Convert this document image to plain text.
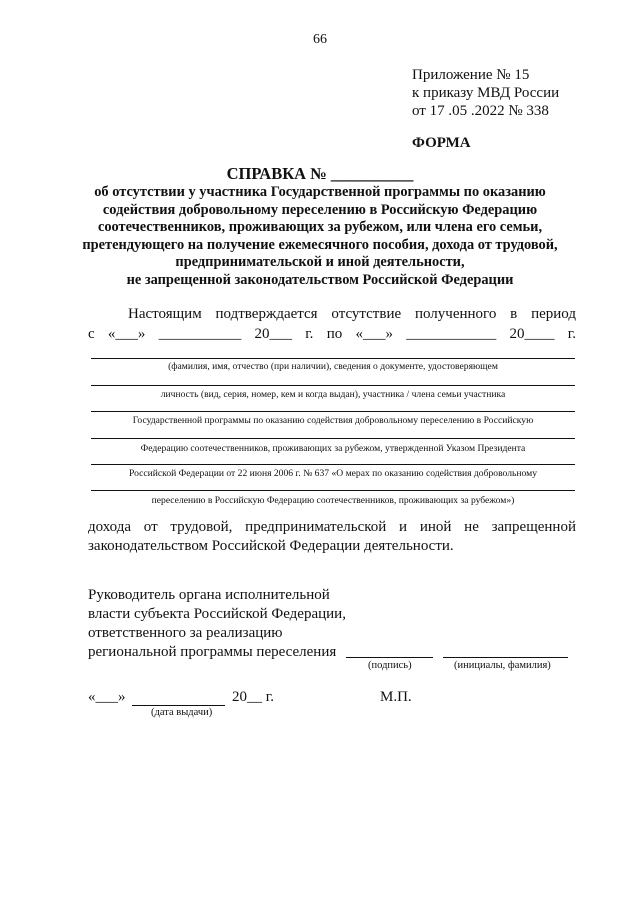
66
Приложение № 15
к приказу МВД России
от 17 .05 .2022 № 338
ФОРМА
СПРАВКА № __________
об отсутствии у участника Государственной программы по оказанию
содействия добровольному переселению в Российскую Федерацию
соотечественников, проживающих за рубежом, или члена его семьи,
претендующего на получение ежемесячного пособия, дохода от трудовой,
предпринимательской и иной деятельности,
не запрещенной законодательством Российской Федерации
Настоящим подтверждается отсутствие полученного в период
с «___» ___________ 20___ г. по «___» ____________ 20____ г.
(фамилия, имя, отчество (при наличии), сведения о документе, удостоверяющем
личность (вид, серия, номер, кем и когда выдан), участника / члена семьи участника
Государственной программы по оказанию содействия добровольному переселению в Российскую
Федерацию соотечественников, проживающих за рубежом, утвержденной Указом Президента
Российской Федерации от 22 июня 2006 г. № 637 «О мерах по оказанию содействия добровольному
переселению в Российскую Федерацию соотечественников, проживающих за рубежом»)
дохода от трудовой, предпринимательской и иной не запрещенной
законодательством Российской Федерации деятельности.
Руководитель органа исполнительной
власти субъекта Российской Федерации,
ответственного за реализацию
региональной программы переселения
(подпись)	(инициалы, фамилия)
«___»	20__ г.
(дата выдачи)
М.П.
